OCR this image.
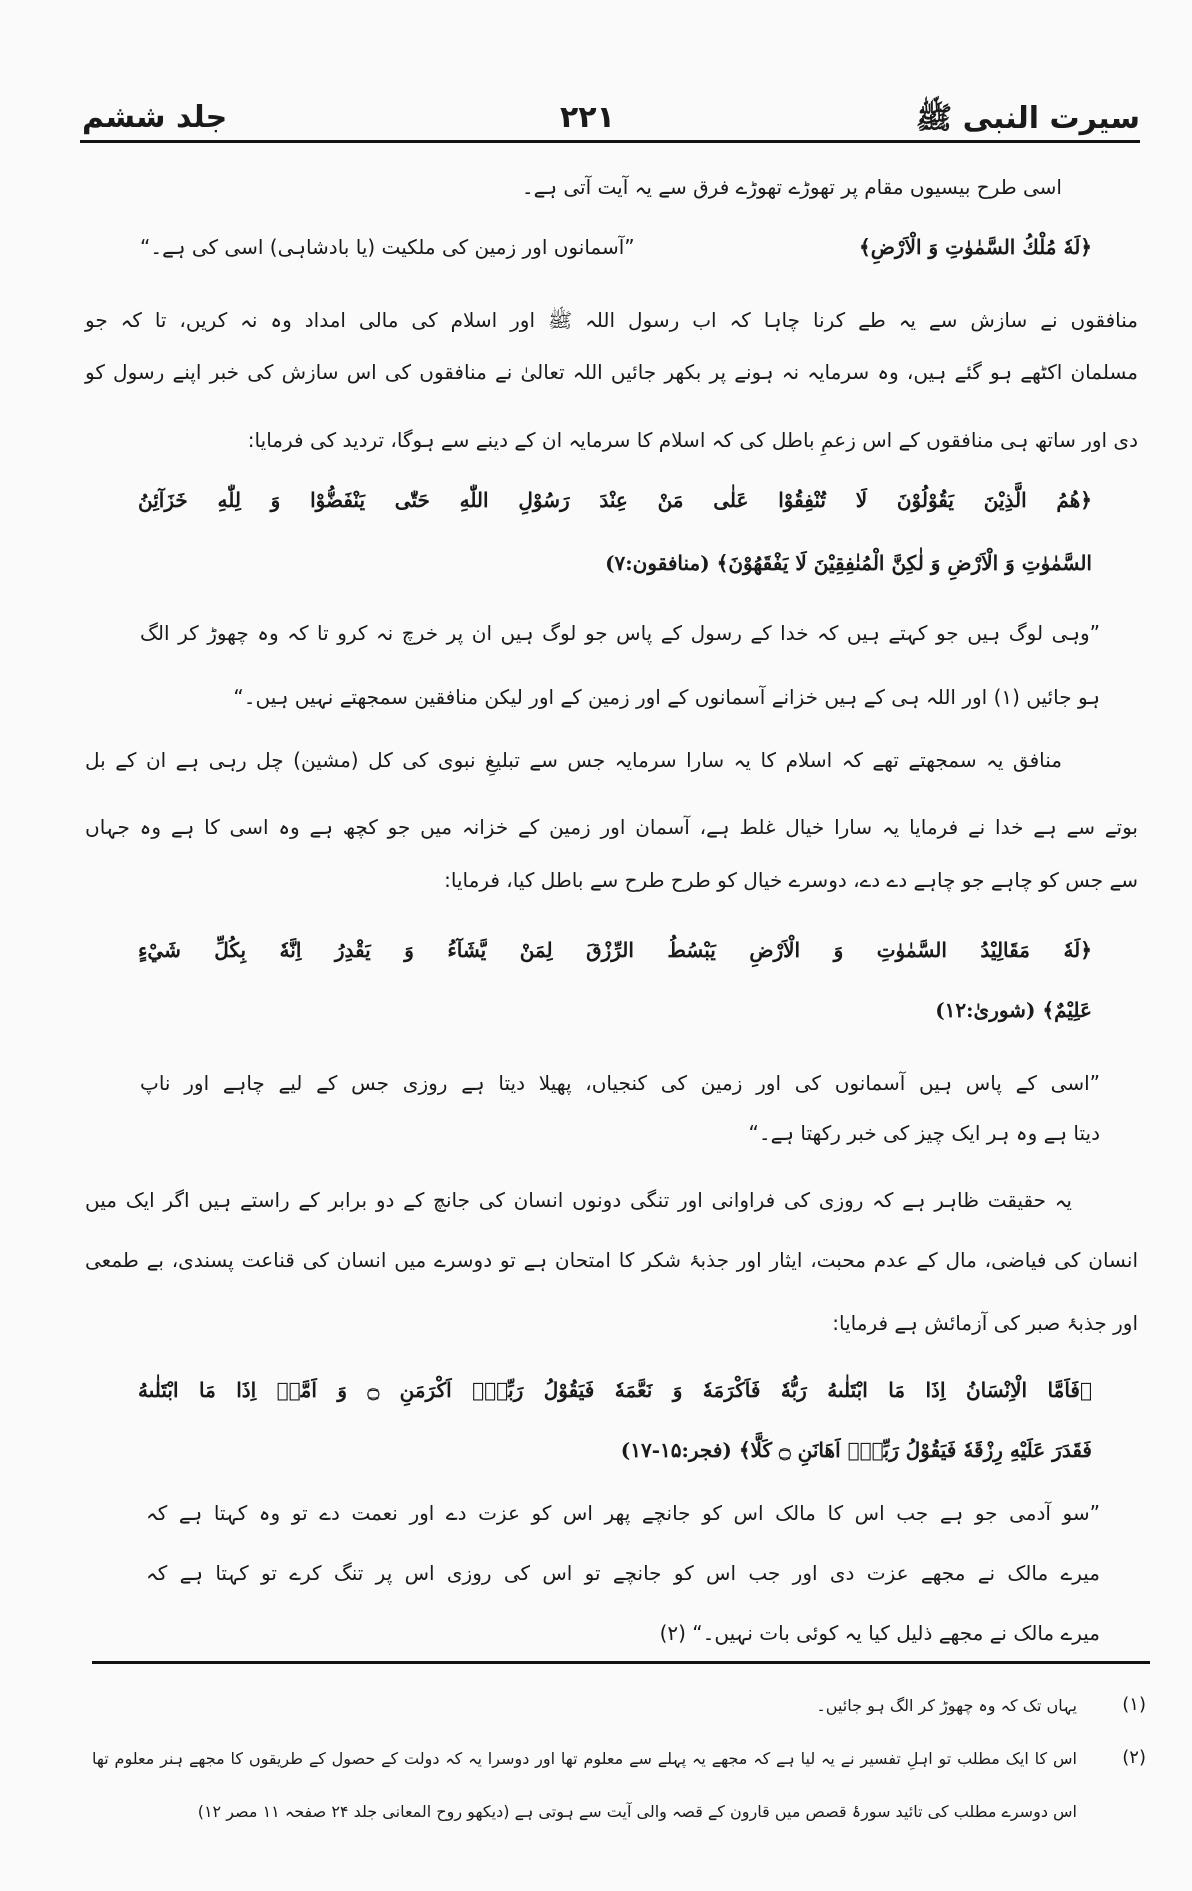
سیرت النبی ﷺ
۲۲۱
جلد ششم
اسی طرح بیسیوں مقام پر تھوڑے تھوڑے فرق سے یہ آیت آتی ہے۔
﴿لَهٗ مُلْكُ السَّمٰوٰتِ وَ الْاَرْضِ﴾
”آسمانوں اور زمین کی ملکیت (یا بادشاہی) اسی کی ہے۔“
منافقوں نے سازش سے یہ طے کرنا چاہا کہ اب رسول اللہ ﷺ اور اسلام کی مالی امداد وہ نہ کریں، تا کہ جو
مسلمان اکٹھے ہو گئے ہیں، وہ سرمایہ نہ ہونے پر بکھر جائیں اللہ تعالیٰ نے منافقوں کی اس سازش کی خبر اپنے رسول کو
دی اور ساتھ ہی منافقوں کے اس زعمِ باطل کی کہ اسلام کا سرمایہ ان کے دینے سے ہوگا، تردید کی فرمایا:
﴿هُمُ الَّذِيْنَ يَقُوْلُوْنَ لَا تُنْفِقُوْا عَلٰى مَنْ عِنْدَ رَسُوْلِ اللّٰهِ حَتّٰى يَنْفَضُّوْا وَ لِلّٰهِ خَزَآئِنُ
السَّمٰوٰتِ وَ الْاَرْضِ وَ لٰكِنَّ الْمُنٰفِقِيْنَ لَا يَفْقَهُوْنَ﴾ (منافقون:۷)
”وہی لوگ ہیں جو کہتے ہیں کہ خدا کے رسول کے پاس جو لوگ ہیں ان پر خرچ نہ کرو تا کہ وہ چھوڑ کر الگ
ہو جائیں (۱) اور اللہ ہی کے ہیں خزانے آسمانوں کے اور زمین کے اور لیکن منافقین سمجھتے نہیں ہیں۔“
منافق یہ سمجھتے تھے کہ اسلام کا یہ سارا سرمایہ جس سے تبلیغِ نبوی کی کل (مشین) چل رہی ہے ان کے بل
بوتے سے ہے خدا نے فرمایا یہ سارا خیال غلط ہے، آسمان اور زمین کے خزانہ میں جو کچھ ہے وہ اسی کا ہے وہ جہاں
سے جس کو چاہے جو چاہے دے دے، دوسرے خیال کو طرح طرح سے باطل کیا، فرمایا:
﴿لَهٗ مَقَالِيْدُ السَّمٰوٰتِ وَ الْاَرْضِ يَبْسُطُ الرِّزْقَ لِمَنْ يَّشَآءُ وَ يَقْدِرُ اِنَّهٗ بِكُلِّ شَيْءٍ
عَلِيْمٌ﴾ (شوریٰ:۱۲)
”اسی کے پاس ہیں آسمانوں کی اور زمین کی کنجیاں، پھیلا دیتا ہے روزی جس کے لیے چاہے اور ناپ
دیتا ہے وہ ہر ایک چیز کی خبر رکھتا ہے۔“
یہ حقیقت ظاہر ہے کہ روزی کی فراوانی اور تنگی دونوں انسان کی جانچ کے دو برابر کے راستے ہیں اگر ایک میں
انسان کی فیاضی، مال کے عدم محبت، ایثار اور جذبۂ شکر کا امتحان ہے تو دوسرے میں انسان کی قناعت پسندی، بے طمعی
اور جذبۂ صبر کی آزمائش ہے فرمایا:
﴿فَاَمَّا الْاِنْسَانُ اِذَا مَا ابْتَلٰىهُ رَبُّهٗ فَاَكْرَمَهٗ وَ نَعَّمَهٗ فَيَقُوْلُ رَبِّيْۤ اَكْرَمَنِ ۝ وَ اَمَّاۤ اِذَا مَا ابْتَلٰىهُ
فَقَدَرَ عَلَيْهِ رِزْقَهٗ فَيَقُوْلُ رَبِّيْۤ اَهَانَنِ ۝ كَلَّا﴾ (فجر:۱۵-۱۷)
”سو آدمی جو ہے جب اس کا مالک اس کو جانچے پھر اس کو عزت دے اور نعمت دے تو وہ کہتا ہے کہ
میرے مالک نے مجھے عزت دی اور جب اس کو جانچے تو اس کی روزی اس پر تنگ کرے تو کہتا ہے کہ
میرے مالک نے مجھے ذلیل کیا یہ کوئی بات نہیں۔“ (۲)
(۱)
یہاں تک کہ وہ چھوڑ کر الگ ہو جائیں۔
(۲)
اس کا ایک مطلب تو اہلِ تفسیر نے یہ لیا ہے کہ مجھے یہ پہلے سے معلوم تھا اور دوسرا یہ کہ دولت کے حصول کے طریقوں کا مجھے ہنر معلوم تھا
اس دوسرے مطلب کی تائید سورۂ قصص میں قارون کے قصہ والی آیت سے ہوتی ہے (دیکھو روح المعانی جلد ۲۴ صفحہ ۱۱ مصر ۱۲)
